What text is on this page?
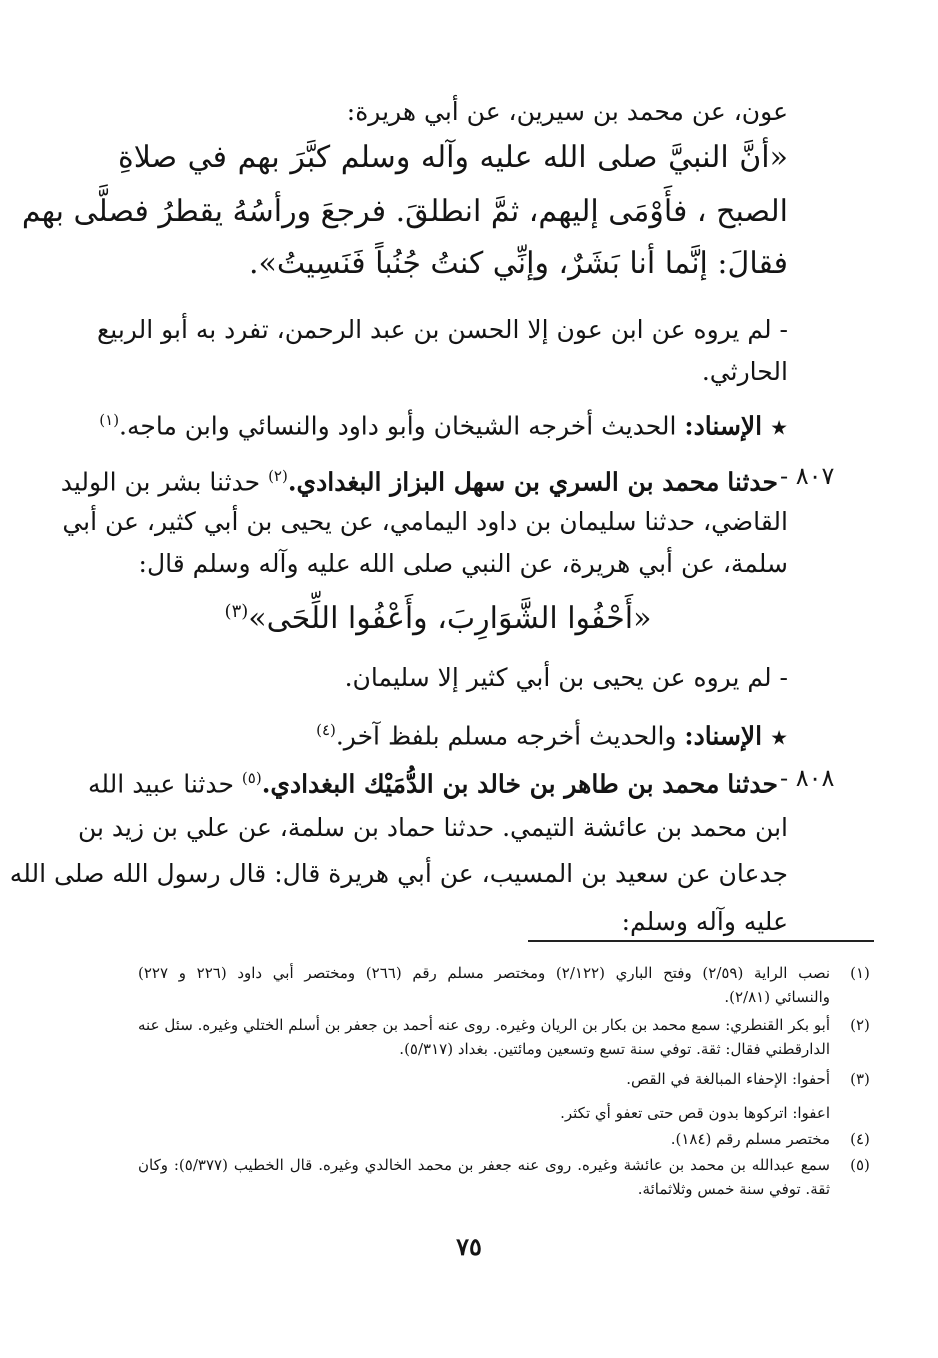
عون، عن محمد بن سيرين، عن أبي هريرة:
«أنَّ النبيَّ صلى الله عليه وآله وسلم كبَّرَ بهم في صلاةِ
الصبح ، فأَوْمَى إليهم، ثمَّ انطلقَ. فرجعَ ورأسُهُ يقطرُ فصلَّى بهم
فقالَ: إنَّما أنا بَشَرٌ، وإنِّي كنتُ جُنُباً فَنَسِيتُ».
- لم يروه عن ابن عون إلا الحسن بن عبد الرحمن، تفرد به أبو الربيع
الحارثي.
★ الإسناد: الحديث أخرجه الشيخان وأبو داود والنسائي وابن ماجه.$^{(١)}$
٨٠٧ -
حدثنا محمد بن السري بن سهل البزاز البغدادي.$^{(٢)}$ حدثنا بشر بن الوليد
القاضي، حدثنا سليمان بن داود اليمامي، عن يحيى بن أبي كثير، عن أبي
سلمة، عن أبي هريرة، عن النبي صلى الله عليه وآله وسلم قال:
«أَحْفُوا الشَّوَارِبَ، وأَعْفُوا اللِّحَى»$^{(٣)}$
- لم يروه عن يحيى بن أبي كثير إلا سليمان.
★ الإسناد: والحديث أخرجه مسلم بلفظ آخر.$^{(٤)}$
٨٠٨ -
حدثنا محمد بن طاهر بن خالد بن الدُّمَيْك البغدادي.$^{(٥)}$ حدثنا عبيد الله
ابن محمد بن عائشة التيمي. حدثنا حماد بن سلمة، عن علي بن زيد بن
جدعان عن سعيد بن المسيب، عن أبي هريرة قال: قال رسول الله صلى الله
عليه وآله وسلم:
(١)
نصب الراية (٢/٥٩) وفتح الباري (٢/١٢٢) ومختصر مسلم رقم (٢٦٦) ومختصر أبي داود (٢٢٦ و ٢٢٧)
والنسائي (٢/٨١).
(٢)
أبو بكر القنطري: سمع محمد بن بكار بن الريان وغيره. روى عنه أحمد بن جعفر بن أسلم الختلي وغيره. سئل عنه
الدارقطني فقال: ثقة. توفي سنة تسع وتسعين ومائتين. بغداد (٥/٣١٧).
(٣)
أحفوا: الإحفاء المبالغة في القص.
اعفوا: اتركوها بدون قص حتى تعفو أي تكثر.
(٤)
مختصر مسلم رقم (١٨٤).
(٥)
سمع عبدالله بن محمد بن عائشة وغيره. روى عنه جعفر بن محمد الخالدي وغيره. قال الخطيب (٥/٣٧٧): وكان
ثقة. توفي سنة خمس وثلاثمائة.
٧٥
